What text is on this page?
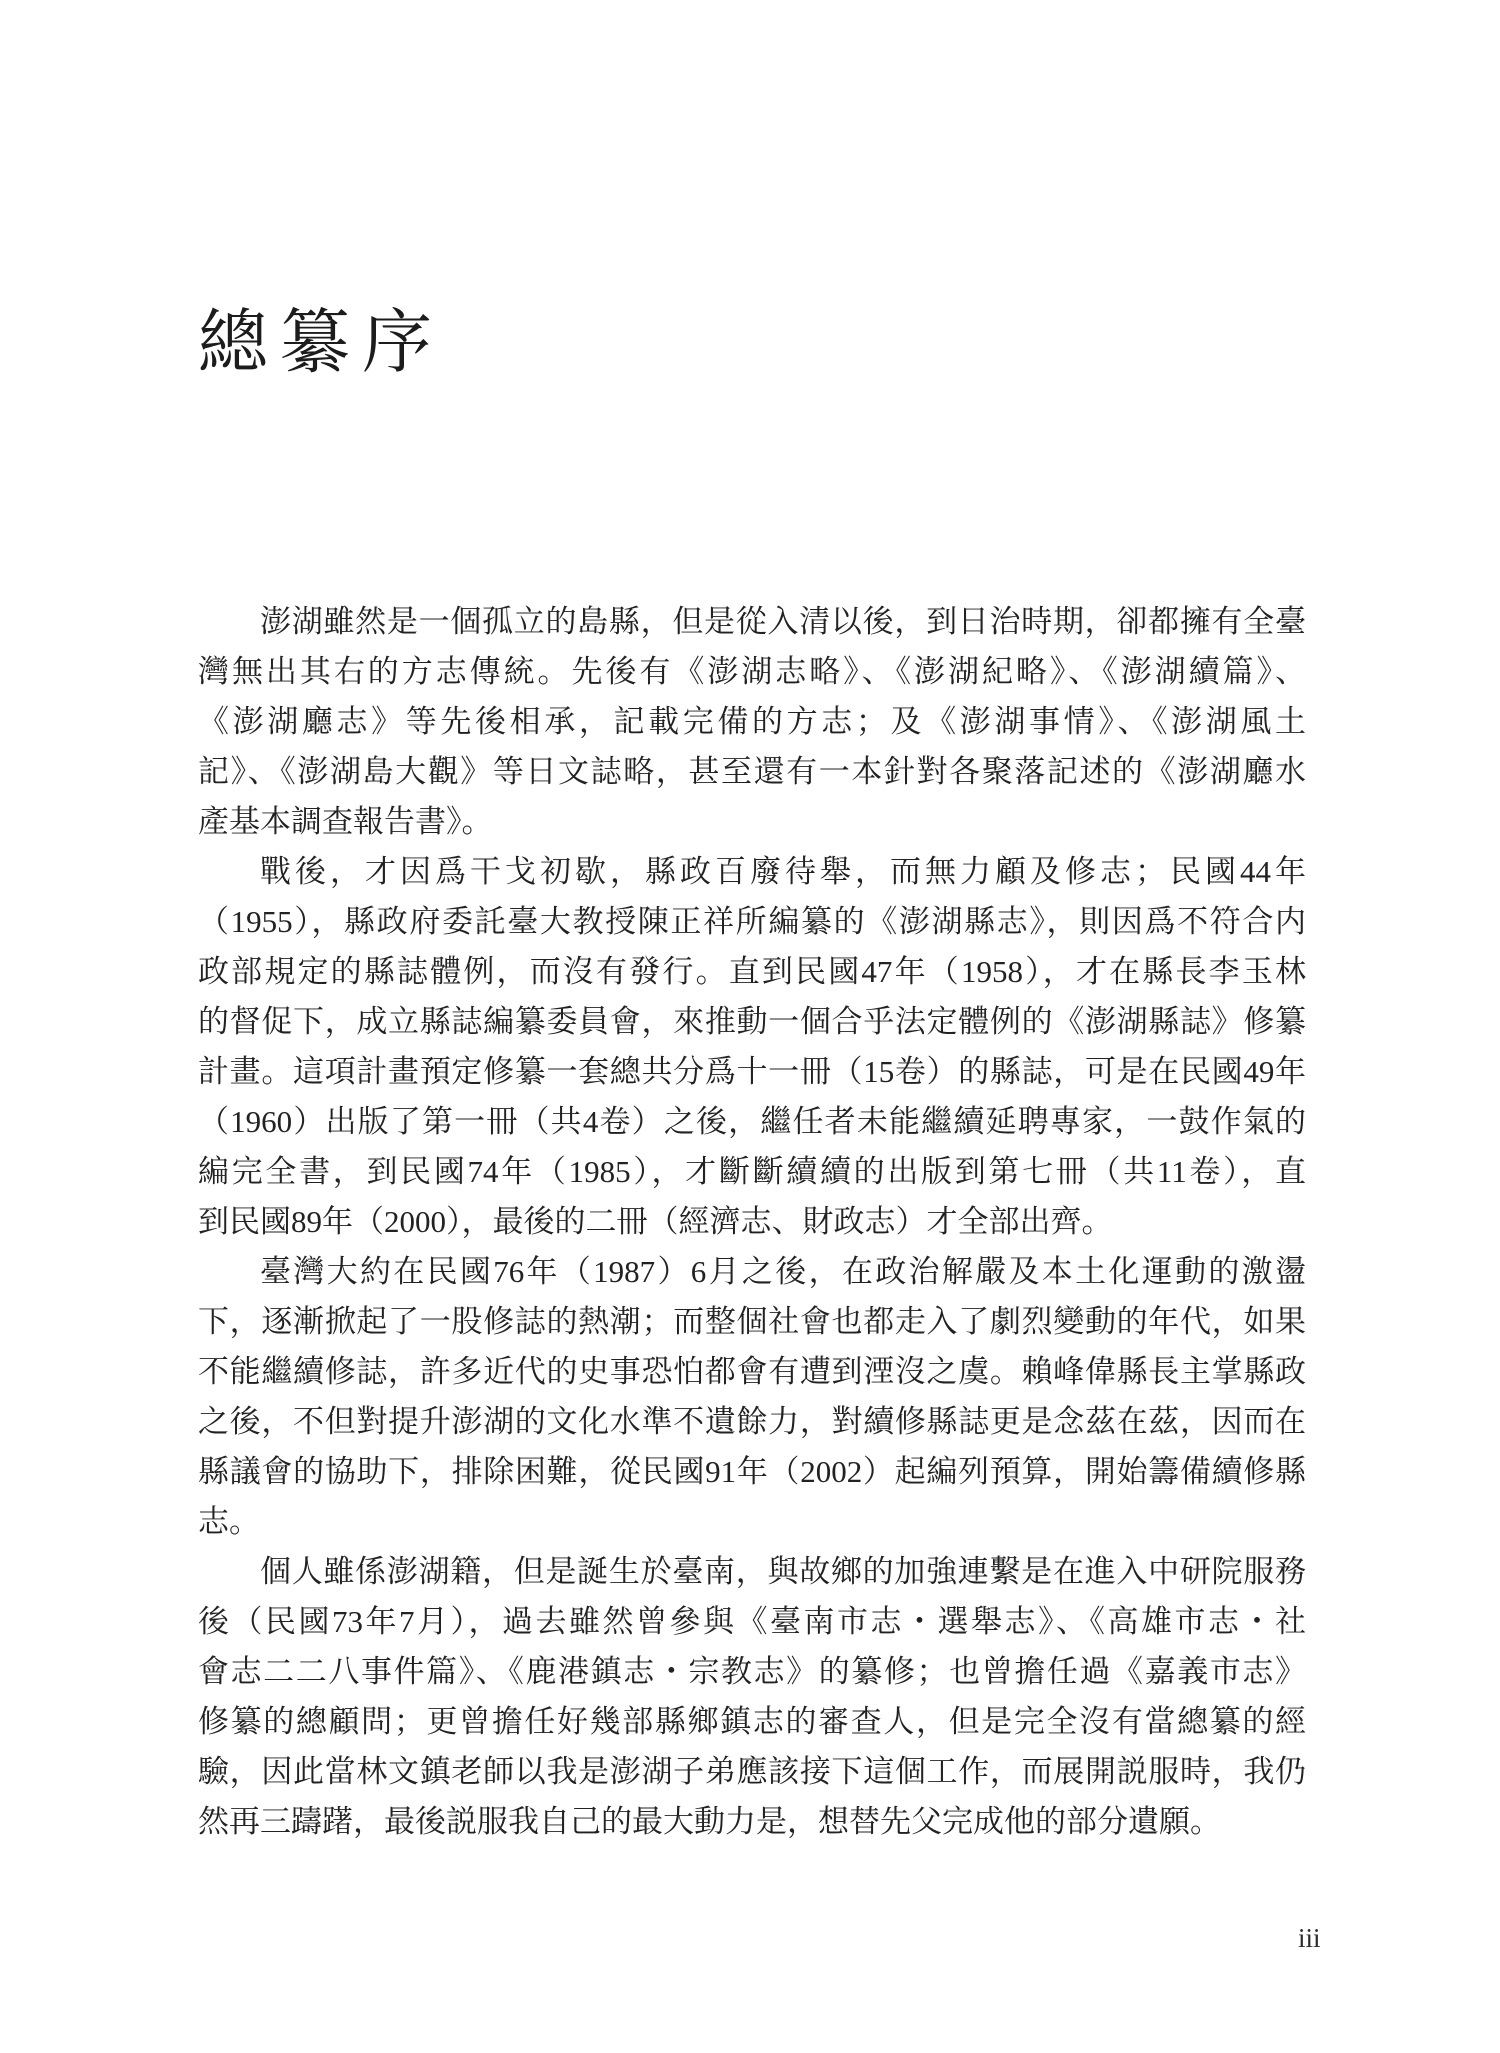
總纂序
澎湖雖然是一個孤立的島縣，但是從入清以後，到日治時期，卻都擁有全臺
灣無出其右的方志傳統。先後有《澎湖志略》、《澎湖紀略》、《澎湖續篇》、
《澎湖廳志》等先後相承，記載完備的方志；及《澎湖事情》、《澎湖風土
記》、《澎湖島大觀》等日文誌略，甚至還有一本針對各聚落記述的《澎湖廳水
產基本調查報告書》。
戰後，才因爲干戈初歇，縣政百廢待舉，而無力顧及修志；民國44年
（1955），縣政府委託臺大教授陳正祥所編纂的《澎湖縣志》，則因爲不符合内
政部規定的縣誌體例，而沒有發行。直到民國47年（1958），才在縣長李玉林
的督促下，成立縣誌編纂委員會，來推動一個合乎法定體例的《澎湖縣誌》修纂
計畫。這項計畫預定修纂一套總共分爲十一冊（15卷）的縣誌，可是在民國49年
（1960）出版了第一冊（共4卷）之後，繼任者未能繼續延聘專家，一鼓作氣的
編完全書，到民國74年（1985），才斷斷續續的出版到第七冊（共11卷），直
到民國89年（2000），最後的二冊（經濟志、財政志）才全部出齊。
臺灣大約在民國76年（1987）6月之後，在政治解嚴及本土化運動的激盪
下，逐漸掀起了一股修誌的熱潮；而整個社會也都走入了劇烈變動的年代，如果
不能繼續修誌，許多近代的史事恐怕都會有遭到湮沒之虞。賴峰偉縣長主掌縣政
之後，不但對提升澎湖的文化水準不遺餘力，對續修縣誌更是念茲在茲，因而在
縣議會的協助下，排除困難，從民國91年（2002）起編列預算，開始籌備續修縣
志。
個人雖係澎湖籍，但是誕生於臺南，與故鄉的加強連繫是在進入中研院服務
後（民國73年7月），過去雖然曾參與《臺南市志・選舉志》、《高雄市志・社
會志二二八事件篇》、《鹿港鎮志・宗教志》的纂修；也曾擔任過《嘉義市志》
修纂的總顧問；更曾擔任好幾部縣鄉鎮志的審查人，但是完全沒有當總纂的經
驗，因此當林文鎮老師以我是澎湖子弟應該接下這個工作，而展開説服時，我仍
然再三躊躇，最後説服我自己的最大動力是，想替先父完成他的部分遺願。
iii
